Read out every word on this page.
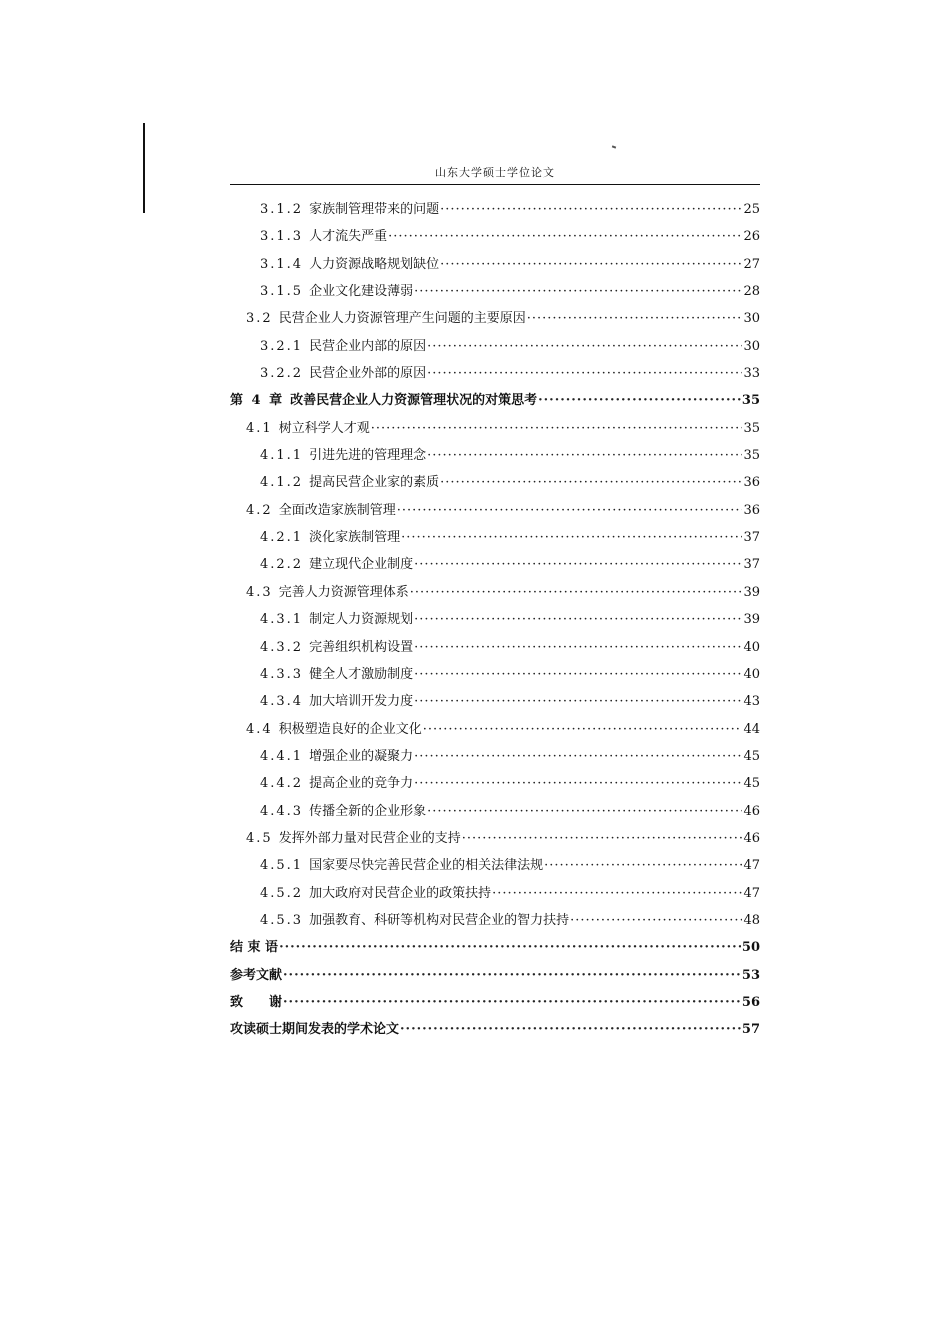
山东大学硕士学位论文
3.1.2 家族制管理带来的问题 ·····	25
3.1.3 人才流失严重 ·····	26
3.1.4 人力资源战略规划缺位 ·····	27
3.1.5 企业文化建设薄弱 ·····	28
3.2 民营企业人力资源管理产生问题的主要原因 ·····	30
3.2.1 民营企业内部的原因 ·····	30
3.2.2 民营企业外部的原因 ·····	33
第 4 章 改善民营企业人力资源管理状况的对策思考 ·····	35
4.1 树立科学人才观 ·····	35
4.1.1 引进先进的管理理念 ·····	35
4.1.2 提高民营企业家的素质 ·····	36
4.2 全面改造家族制管理 ·····	36
4.2.1 淡化家族制管理 ·····	37
4.2.2 建立现代企业制度 ·····	37
4.3 完善人力资源管理体系 ·····	39
4.3.1 制定人力资源规划 ·····	39
4.3.2 完善组织机构设置 ·····	40
4.3.3 健全人才激励制度 ·····	40
4.3.4 加大培训开发力度 ·····	43
4.4 积极塑造良好的企业文化 ·····	44
4.4.1 增强企业的凝聚力 ·····	45
4.4.2 提高企业的竞争力 ·····	45
4.4.3 传播全新的企业形象 ·····	46
4.5 发挥外部力量对民营企业的支持 ·····	46
4.5.1 国家要尽快完善民营企业的相关法律法规 ·····	47
4.5.2 加大政府对民营企业的政策扶持 ·····	47
4.5.3 加强教育、科研等机构对民营企业的智力扶持 ·····	48
结 束 语 ·····	50
参考文献 ·····	53
致　　谢 ·····	56
攻读硕士期间发表的学术论文 ·····	57
